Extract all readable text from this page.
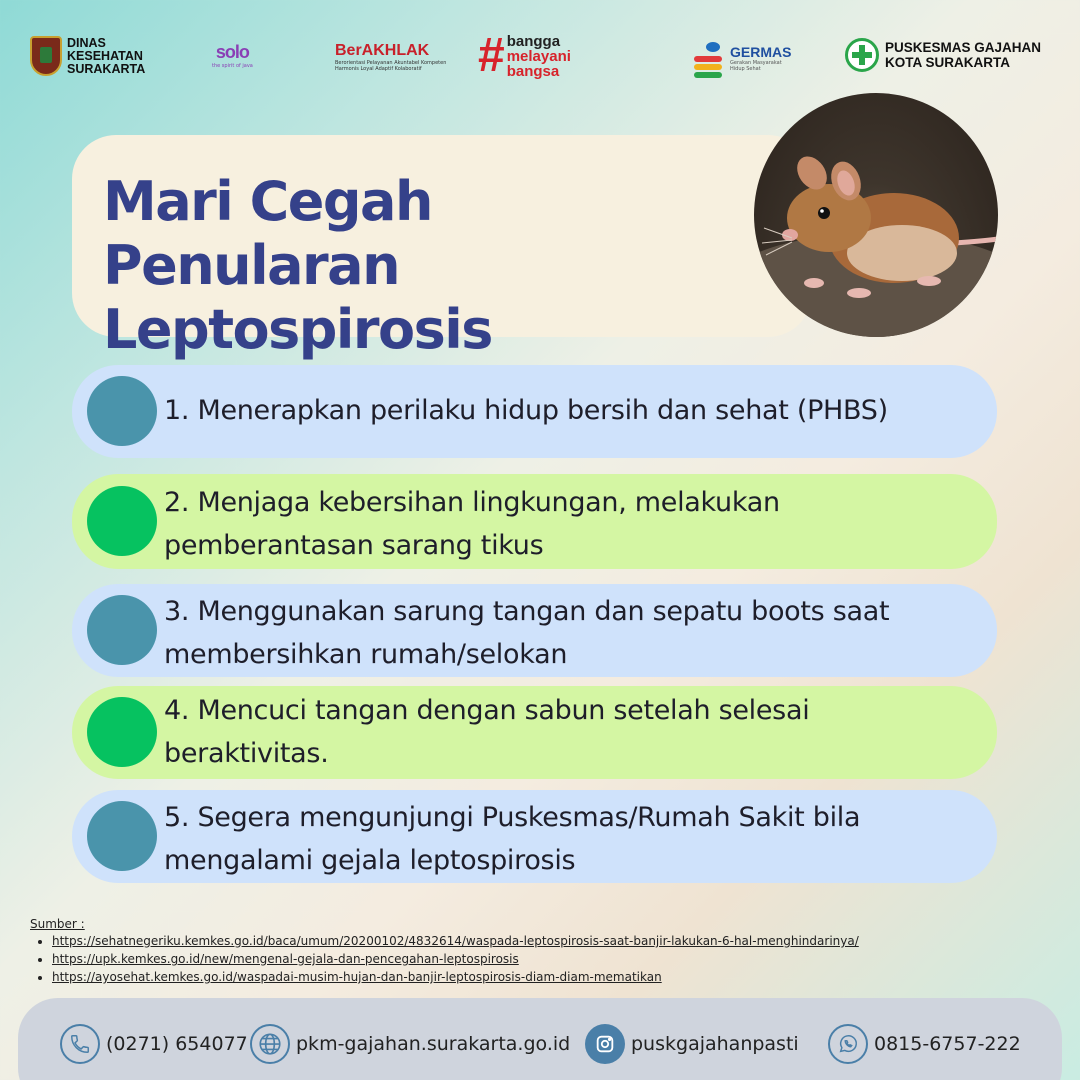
DINAS
KESEHATAN
SURAKARTA
solo
the spirit of java
BerAKHLAK
Berorientasi Pelayanan Akuntabel Kompeten
Harmonis Loyal Adaptif Kolaboratif	# bangga
melayani
bangsa
GERMAS
Gerakan Masyarakat
Hidup Sehat
PUSKESMAS GAJAHAN
KOTA SURAKARTA
Mari Cegah Penularan
Leptospirosis
1. Menerapkan perilaku hidup bersih dan sehat (PHBS)
2. Menjaga kebersihan lingkungan, melakukan
pemberantasan sarang tikus
3. Menggunakan sarung tangan dan sepatu boots saat
membersihkan rumah/selokan
4. Mencuci tangan dengan sabun setelah selesai
beraktivitas.
5. Segera mengunjungi Puskesmas/Rumah Sakit bila
mengalami gejala leptospirosis
Sumber :
• https://sehatnegeriku.kemkes.go.id/baca/umum/20200102/4832614/waspada-leptospirosis-saat-banjir-lakukan-6-hal-menghindarinya/
• https://upk.kemkes.go.id/new/mengenal-gejala-dan-pencegahan-leptospirosis
• https://ayosehat.kemkes.go.id/waspadai-musim-hujan-dan-banjir-leptospirosis-diam-diam-mematikan
(0271) 654077	pkm-gajahan.surakarta.go.id	puskgajahanpasti	0815-6757-222
